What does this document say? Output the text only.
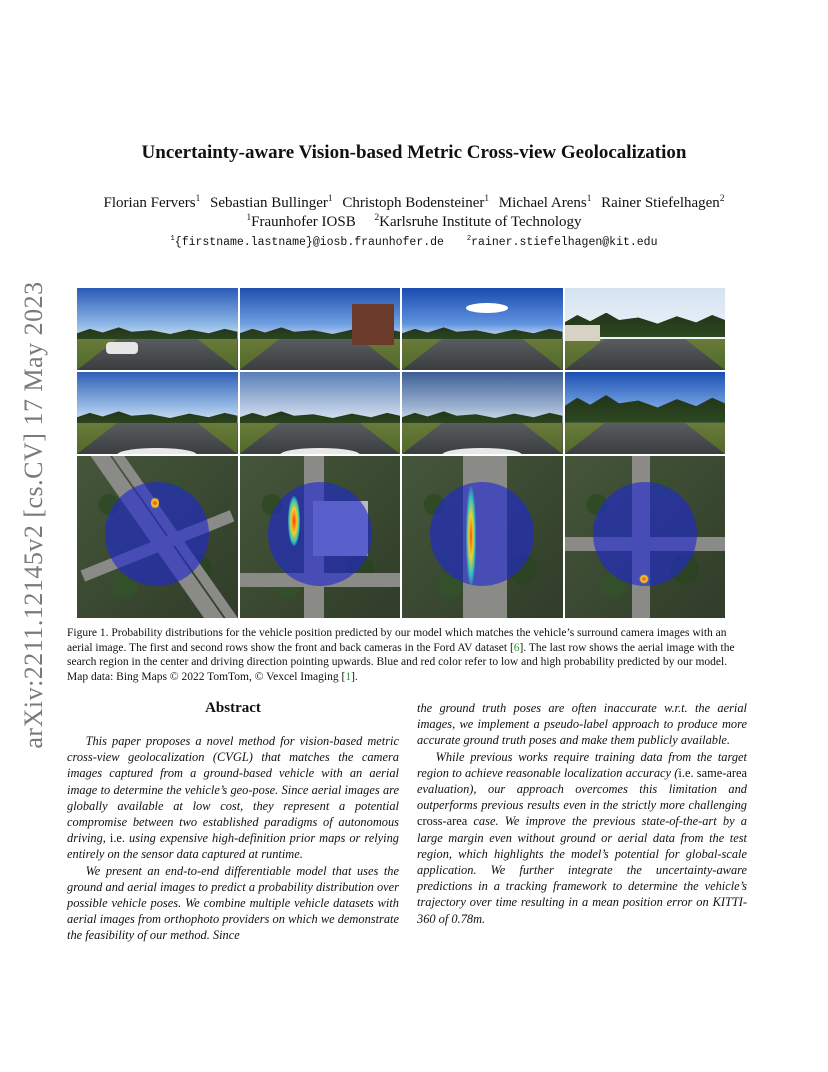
arXiv:2211.12145v2 [cs.CV] 17 May 2023
Uncertainty-aware Vision-based Metric Cross-view Geolocalization
Florian Fervers$^1$ Sebastian Bullinger$^1$ Christoph Bodensteiner$^1$ Michael Arens$^1$ Rainer Stiefelhagen$^2$
$^1$Fraunhofer IOSB $^2$Karlsruhe Institute of Technology
$^1${firstname.lastname}@iosb.fraunhofer.de	$^2$rainer.stiefelhagen@kit.edu
Figure 1. Probability distributions for the vehicle position predicted by our model which matches the vehicle’s surround camera images with an aerial image. The first and second rows show the front and back cameras in the Ford AV dataset [6]. The last row shows the aerial image with the search region in the center and driving direction pointing upwards. Blue and red color refer to low and high probability predicted by our model. Map data: Bing Maps © 2022 TomTom, © Vexcel Imaging [1].
Abstract

This paper proposes a novel method for vision-based metric cross-view geolocalization (CVGL) that matches the camera images captured from a ground-based vehicle with an aerial image to determine the vehicle’s geo-pose. Since aerial images are globally available at low cost, they represent a potential compromise between two established paradigms of autonomous driving, i.e. using expensive high-definition prior maps or relying entirely on the sensor data captured at runtime.

We present an end-to-end differentiable model that uses the ground and aerial images to predict a probability distribution over possible vehicle poses. We combine multiple vehicle datasets with aerial images from orthophoto providers on which we demonstrate the feasibility of our method. Since

the ground truth poses are often inaccurate w.r.t. the aerial images, we implement a pseudo-label approach to produce more accurate ground truth poses and make them publicly available.

While previous works require training data from the target region to achieve reasonable localization accuracy (i.e. same-area evaluation), our approach overcomes this limitation and outperforms previous results even in the strictly more challenging cross-area case. We improve the previous state-of-the-art by a large margin even without ground or aerial data from the test region, which highlights the model’s potential for global-scale application. We further integrate the uncertainty-aware predictions in a tracking framework to determine the vehicle’s trajectory over time resulting in a mean position error on KITTI-360 of 0.78m.
